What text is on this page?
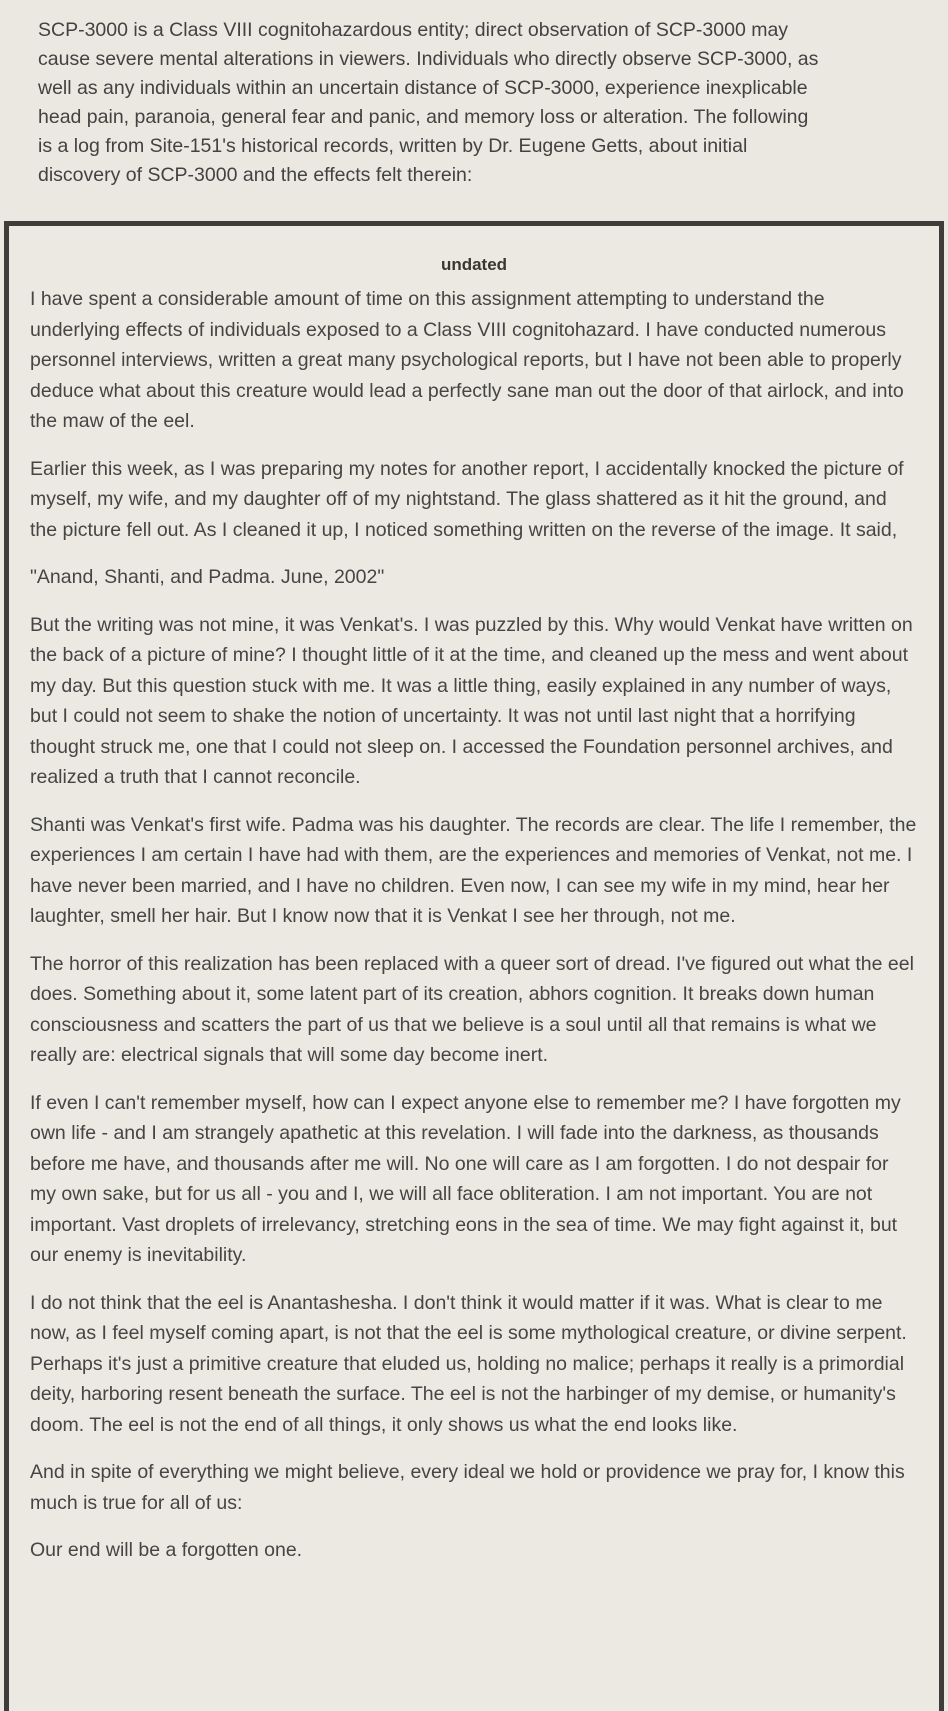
SCP-3000 is a Class VIII cognitohazardous entity; direct observation of SCP-3000 may cause severe mental alterations in viewers. Individuals who directly observe SCP-3000, as well as any individuals within an uncertain distance of SCP-3000, experience inexplicable head pain, paranoia, general fear and panic, and memory loss or alteration. The following is a log from Site-151's historical records, written by Dr. Eugene Getts, about initial discovery of SCP-3000 and the effects felt therein:

undated

I have spent a considerable amount of time on this assignment attempting to understand the underlying effects of individuals exposed to a Class VIII cognitohazard. I have conducted numerous personnel interviews, written a great many psychological reports, but I have not been able to properly deduce what about this creature would lead a perfectly sane man out the door of that airlock, and into the maw of the eel.

Earlier this week, as I was preparing my notes for another report, I accidentally knocked the picture of myself, my wife, and my daughter off of my nightstand. The glass shattered as it hit the ground, and the picture fell out. As I cleaned it up, I noticed something written on the reverse of the image. It said,

"Anand, Shanti, and Padma. June, 2002"

But the writing was not mine, it was Venkat's. I was puzzled by this. Why would Venkat have written on the back of a picture of mine? I thought little of it at the time, and cleaned up the mess and went about my day. But this question stuck with me. It was a little thing, easily explained in any number of ways, but I could not seem to shake the notion of uncertainty. It was not until last night that a horrifying thought struck me, one that I could not sleep on. I accessed the Foundation personnel archives, and realized a truth that I cannot reconcile.

Shanti was Venkat's first wife. Padma was his daughter. The records are clear. The life I remember, the experiences I am certain I have had with them, are the experiences and memories of Venkat, not me. I have never been married, and I have no children. Even now, I can see my wife in my mind, hear her laughter, smell her hair. But I know now that it is Venkat I see her through, not me.

The horror of this realization has been replaced with a queer sort of dread. I've figured out what the eel does. Something about it, some latent part of its creation, abhors cognition. It breaks down human consciousness and scatters the part of us that we believe is a soul until all that remains is what we really are: electrical signals that will some day become inert.

If even I can't remember myself, how can I expect anyone else to remember me? I have forgotten my own life - and I am strangely apathetic at this revelation. I will fade into the darkness, as thousands before me have, and thousands after me will. No one will care as I am forgotten. I do not despair for my own sake, but for us all - you and I, we will all face obliteration. I am not important. You are not important. Vast droplets of irrelevancy, stretching eons in the sea of time. We may fight against it, but our enemy is inevitability.

I do not think that the eel is Anantashesha. I don't think it would matter if it was. What is clear to me now, as I feel myself coming apart, is not that the eel is some mythological creature, or divine serpent. Perhaps it's just a primitive creature that eluded us, holding no malice; perhaps it really is a primordial deity, harboring resent beneath the surface. The eel is not the harbinger of my demise, or humanity's doom. The eel is not the end of all things, it only shows us what the end looks like.

And in spite of everything we might believe, every ideal we hold or providence we pray for, I know this much is true for all of us:

Our end will be a forgotten one.
